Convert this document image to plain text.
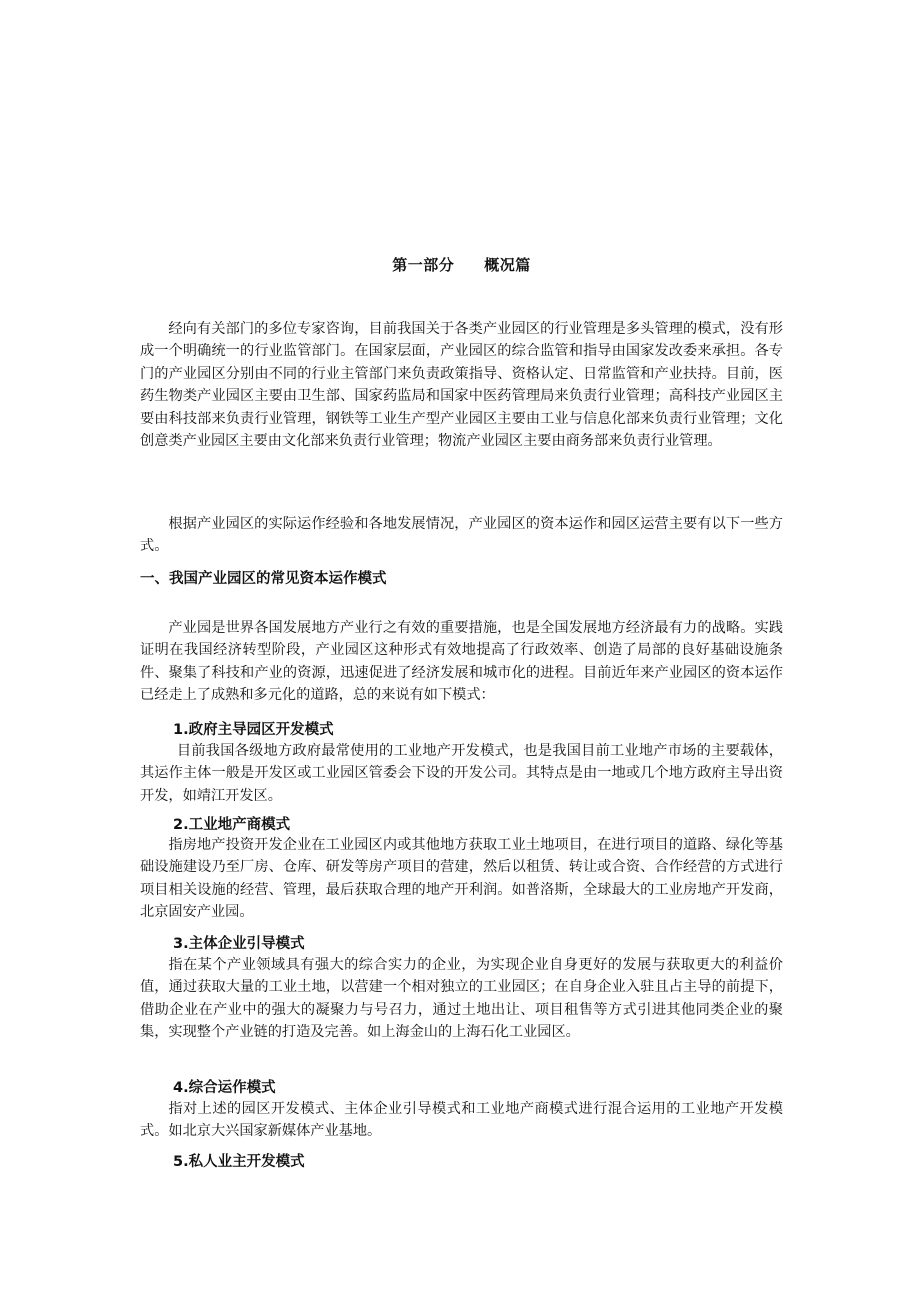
第一部分 概况篇

经向有关部门的多位专家咨询，目前我国关于各类产业园区的行业管理是多头管理的模式，没有形成一个明确统一的行业监管部门。在国家层面，产业园区的综合监管和指导由国家发改委来承担。各专门的产业园区分别由不同的行业主管部门来负责政策指导、资格认定、日常监管和产业扶持。目前，医药生物类产业园区主要由卫生部、国家药监局和国家中医药管理局来负责行业管理；高科技产业园区主要由科技部来负责行业管理，钢铁等工业生产型产业园区主要由工业与信息化部来负责行业管理；文化创意类产业园区主要由文化部来负责行业管理；物流产业园区主要由商务部来负责行业管理。

根据产业园区的实际运作经验和各地发展情况，产业园区的资本运作和园区运营主要有以下一些方式。

一、我国产业园区的常见资本运作模式

产业园是世界各国发展地方产业行之有效的重要措施，也是全国发展地方经济最有力的战略。实践证明在我国经济转型阶段，产业园区这种形式有效地提高了行政效率、创造了局部的良好基础设施条件、聚集了科技和产业的资源，迅速促进了经济发展和城市化的进程。目前近年来产业园区的资本运作已经走上了成熟和多元化的道路，总的来说有如下模式：

1.政府主导园区开发模式

目前我国各级地方政府最常使用的工业地产开发模式，也是我国目前工业地产市场的主要载体，其运作主体一般是开发区或工业园区管委会下设的开发公司。其特点是由一地或几个地方政府主导出资开发，如靖江开发区。

2.工业地产商模式

指房地产投资开发企业在工业园区内或其他地方获取工业土地项目，在进行项目的道路、绿化等基础设施建设乃至厂房、仓库、研发等房产项目的营建，然后以租赁、转让或合资、合作经营的方式进行项目相关设施的经营、管理，最后获取合理的地产开利润。如普洛斯，全球最大的工业房地产开发商，北京固安产业园。

3.主体企业引导模式

指在某个产业领域具有强大的综合实力的企业，为实现企业自身更好的发展与获取更大的利益价值，通过获取大量的工业土地，以营建一个相对独立的工业园区；在自身企业入驻且占主导的前提下，借助企业在产业中的强大的凝聚力与号召力，通过土地出让、项目租售等方式引进其他同类企业的聚集，实现整个产业链的打造及完善。如上海金山的上海石化工业园区。

4.综合运作模式

指对上述的园区开发模式、主体企业引导模式和工业地产商模式进行混合运用的工业地产开发模式。如北京大兴国家新媒体产业基地。

5.私人业主开发模式
